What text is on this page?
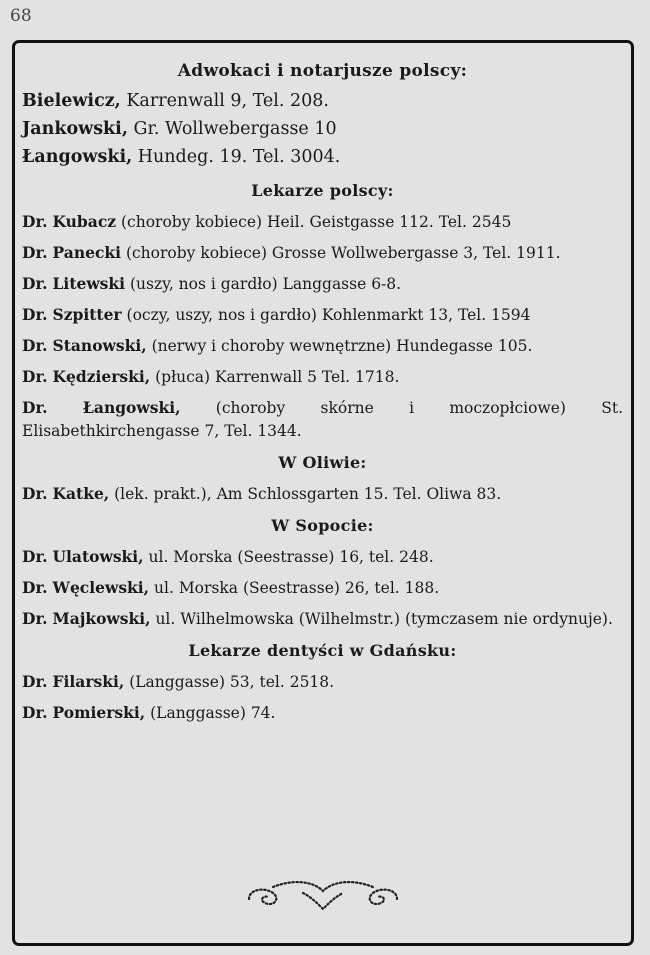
68
Adwokaci i notarjusze polscy:

Bielewicz, Karrenwall 9, Tel. 208.

Jankowski, Gr. Wollwebergasse 10

Łangowski, Hundeg. 19. Tel. 3004.

Lekarze polscy:

Dr. Kubacz (choroby kobiece) Heil. Geistgasse 112. Tel. 2545

Dr. Panecki (choroby kobiece) Grosse Wollwebergasse 3, Tel. 1911.

Dr. Litewski (uszy, nos i gardło) Langgasse 6-8.

Dr. Szpitter (oczy, uszy, nos i gardło) Kohlenmarkt 13, Tel. 1594

Dr. Stanowski, (nerwy i choroby wewnętrzne) Hundegasse 105.

Dr. Kędzierski, (płuca) Karrenwall 5 Tel. 1718.

Dr. Łangowski, (choroby skórne i moczopłciowe) St. Elisabethkirchengasse 7, Tel. 1344.

W Oliwie:

Dr. Katke, (lek. prakt.), Am Schlossgarten 15. Tel. Oliwa 83.

W Sopocie:

Dr. Ulatowski, ul. Morska (Seestrasse) 16, tel. 248.

Dr. Węclewski, ul. Morska (Seestrasse) 26, tel. 188.

Dr. Majkowski, ul. Wilhelmowska (Wilhelmstr.) (tymczasem nie ordynuje).

Lekarze dentyści w Gdańsku:

Dr. Filarski, (Langgasse) 53, tel. 2518.

Dr. Pomierski, (Langgasse) 74.
